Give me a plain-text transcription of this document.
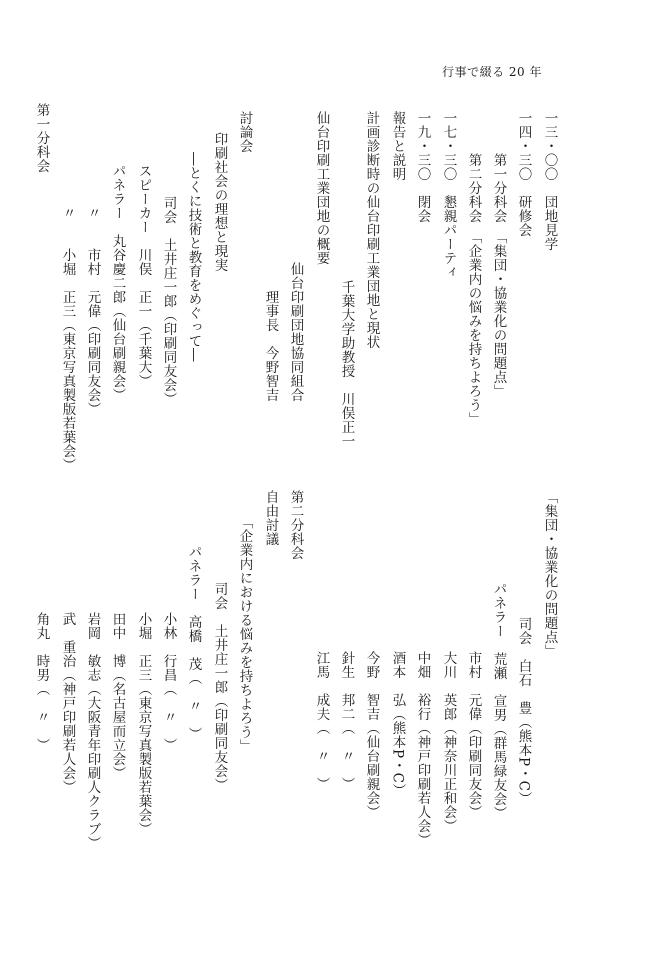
行事で綴る 20 年
一三・〇〇　団地見学
一四・三〇　研修会
　　　第一分科会　「集団・協業化の問題点」
　　　第二分科会　「企業内の悩みを持ちよろう」
一七・三〇　懇親パーティ
一九・三〇　閉会
報告と説明
計画診断時の仙台印刷工業団地と現状
千葉大学助教授　川俣正一
仙台印刷工業団地の概要
仙台印刷団地協同組合
理事長　今野智吉
討論会
印刷社会の理想と現実
―とくに技術と教育をめぐって―
司会　土井庄一郎（印刷同友会）
スピーカー　川俣　正一（千葉大）
パネラー　丸谷慶二郎（仙台刷親会）
〃　　市村　元偉（印刷同友会）
〃　　小堀　正三（東京写真製版若葉会）
第一分科会
「集団・協業化の問題点」
司会　白石　豊（熊本P・C）
パネラー　荒瀬　宣男（群馬緑友会）
市村　元偉（印刷同友会）
大川　英郎（神奈川正和会）
中畑　裕行（神戸印刷若人会）
酒本　弘（熊本P・C）
今野　智吉（仙台刷親会）
針生　邦二（　〃　）
江馬　成夫（　〃　）
第二分科会
自由討議
「企業内における悩みを持ちよろう」
司会　土井庄一郎（印刷同友会）
パネラー　高橋　茂（　〃　）
小林　行昌（　〃　）
小堀　正三（東京写真製版若葉会）
田中　博（名古屋而立会）
岩岡　敏志（大阪青年印刷人クラブ）
武　重治（神戸印刷若人会）
角丸　時男（　〃　）
